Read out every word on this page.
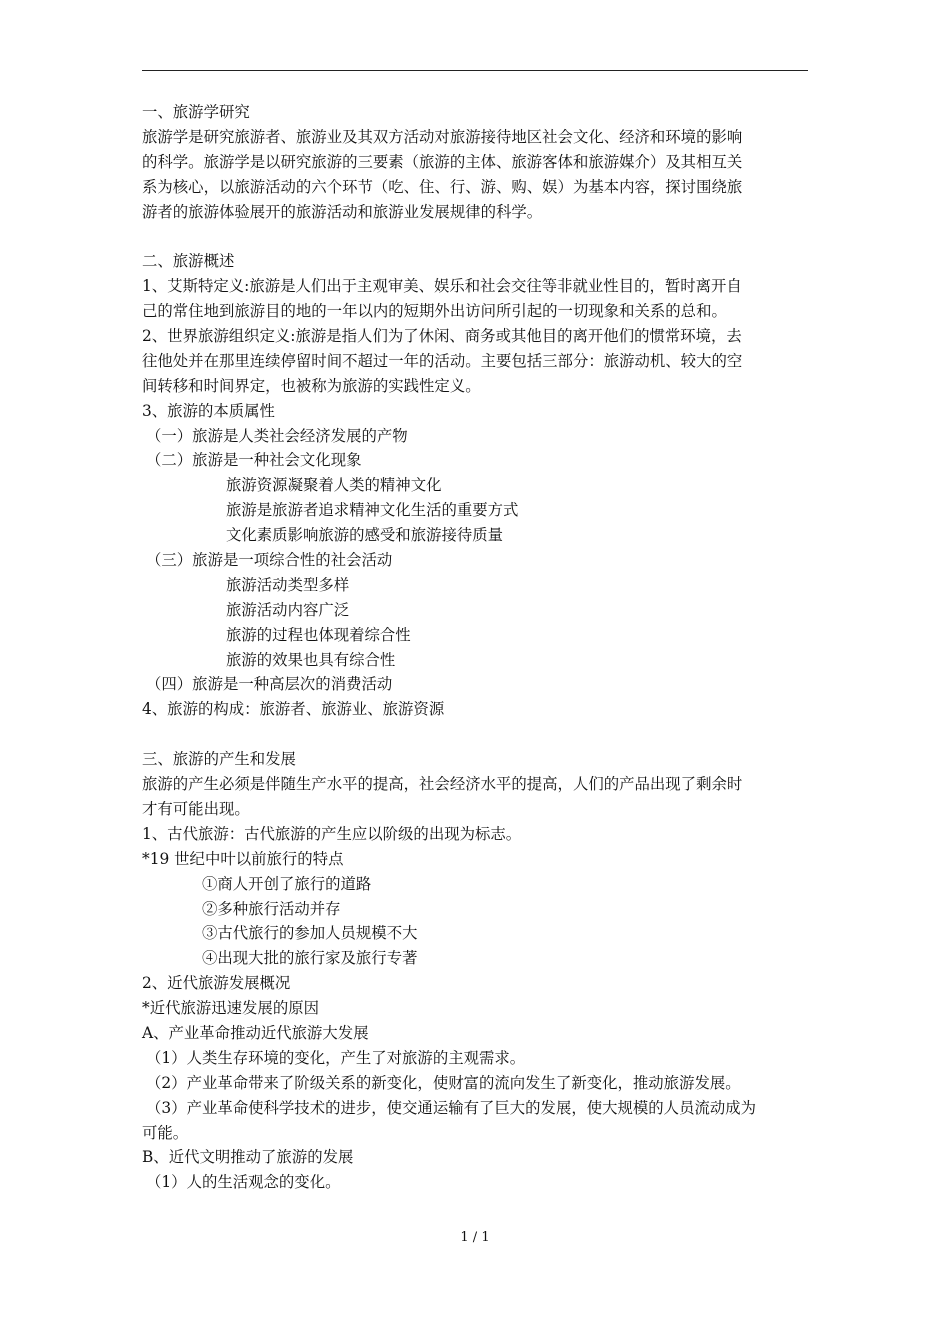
一、旅游学研究
旅游学是研究旅游者、旅游业及其双方活动对旅游接待地区社会文化、经济和环境的影响
的科学。旅游学是以研究旅游的三要素（旅游的主体、旅游客体和旅游媒介）及其相互关
系为核心，以旅游活动的六个环节（吃、住、行、游、购、娱）为基本内容，探讨围绕旅
游者的旅游体验展开的旅游活动和旅游业发展规律的科学。
二、旅游概述
1、艾斯特定义:旅游是人们出于主观审美、娱乐和社会交往等非就业性目的，暂时离开自
己的常住地到旅游目的地的一年以内的短期外出访问所引起的一切现象和关系的总和。
2、世界旅游组织定义:旅游是指人们为了休闲、商务或其他目的离开他们的惯常环境，去
往他处并在那里连续停留时间不超过一年的活动。主要包括三部分：旅游动机、较大的空
间转移和时间界定，也被称为旅游的实践性定义。
3、旅游的本质属性
（一）旅游是人类社会经济发展的产物
（二）旅游是一种社会文化现象
旅游资源凝聚着人类的精神文化
旅游是旅游者追求精神文化生活的重要方式
文化素质影响旅游的感受和旅游接待质量
（三）旅游是一项综合性的社会活动
旅游活动类型多样
旅游活动内容广泛
旅游的过程也体现着综合性
旅游的效果也具有综合性
（四）旅游是一种高层次的消费活动
4、旅游的构成：旅游者、旅游业、旅游资源
三、旅游的产生和发展
旅游的产生必须是伴随生产水平的提高，社会经济水平的提高，人们的产品出现了剩余时
才有可能出现。
1、古代旅游：古代旅游的产生应以阶级的出现为标志。
*19 世纪中叶以前旅行的特点
①商人开创了旅行的道路
②多种旅行活动并存
③古代旅行的参加人员规模不大
④出现大批的旅行家及旅行专著
2、近代旅游发展概况
*近代旅游迅速发展的原因
A、产业革命推动近代旅游大发展
（1）人类生存环境的变化，产生了对旅游的主观需求。
（2）产业革命带来了阶级关系的新变化，使财富的流向发生了新变化，推动旅游发展。
（3）产业革命使科学技术的进步，使交通运输有了巨大的发展，使大规模的人员流动成为
可能。
B、近代文明推动了旅游的发展
（1）人的生活观念的变化。
1 / 1
